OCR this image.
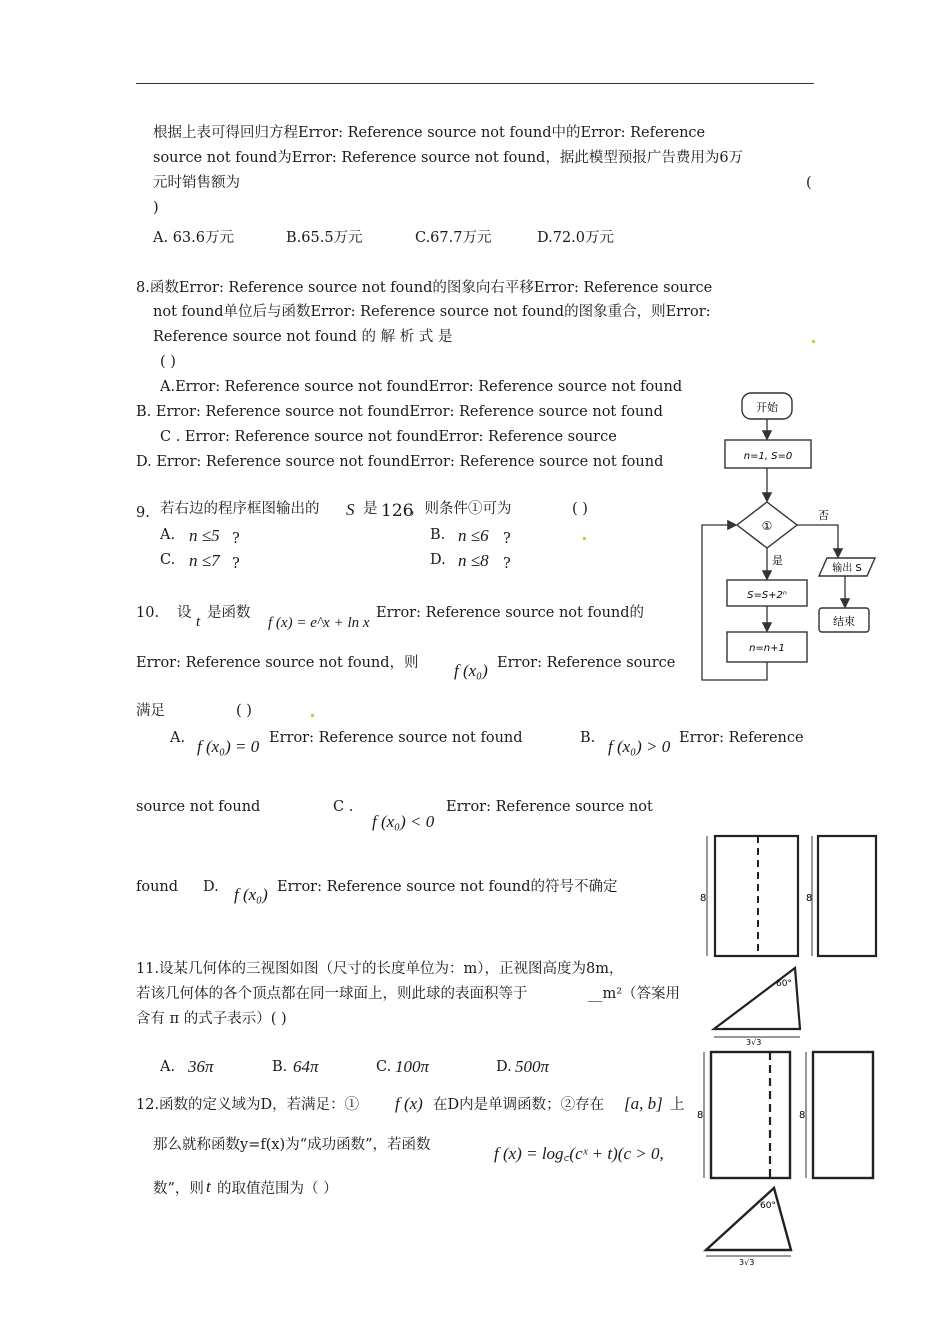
根据上表可得回归方程Error: Reference source not found中的Error: Reference
source not found为Error: Reference source not found，据此模型预报广告费用为6万
元时销售额为	(
)
A. 63.6万元	B.65.5万元	C.67.7万元	D.72.0万元
8.函数Error: Reference source not found的图象向右平移Error: Reference source
not found单位后与函数Error: Reference source not found的图象重合，则Error:
Reference source not found 的 解 析 式 是
( )
A.Error: Reference source not foundError: Reference source not found
B. Error: Reference source not foundError: Reference source not found
C . Error: Reference source not foundError: Reference source
D. Error: Reference source not foundError: Reference source not found
9. 若右边的程序框图输出的 S 是 126
，则条件①可为	( )
A. n ≤5 ?	B. n ≤6 ?
C. n ≤7 ?	D. n ≤8 ?
10. 设
t
是函数
f (x) = e^x + ln x
Error: Reference source not found的
Error: Reference source not found，则 f (x₀) Error: Reference source
满足	( )
A. f (x₀) = 0 Error: Reference source not found	B. f (x₀) > 0 Error: Reference
source not found	C .
f (x₀) < 0
Error: Reference source not
found D. f (x₀) Error: Reference source not found的符号不确定
11.设某几何体的三视图如图（尺寸的长度单位为：m），正视图高度为8m，
若该几何体的各个顶点都在同一球面上，则此球的表面积等于	__m²（答案用
含有 π 的式子表示）( )
A. 36π	B. 64π	C. 100π	D. 500π
12.函数的定义域为D，若满足：① f (x) 在D内是单调函数；②存在 [a, b] 上
那么就称函数y=f(x)为“成功函数”，若函数	f (x) = log꜀(cˣ + t)(c > 0,
数”，则 t 的取值范围为（ ）
开始
n=1, S=0
①
否
输出 S
结束
是
S=S+2ⁿ
n=n+1
8	8
60°
3√3
8	8
60°
3√3
